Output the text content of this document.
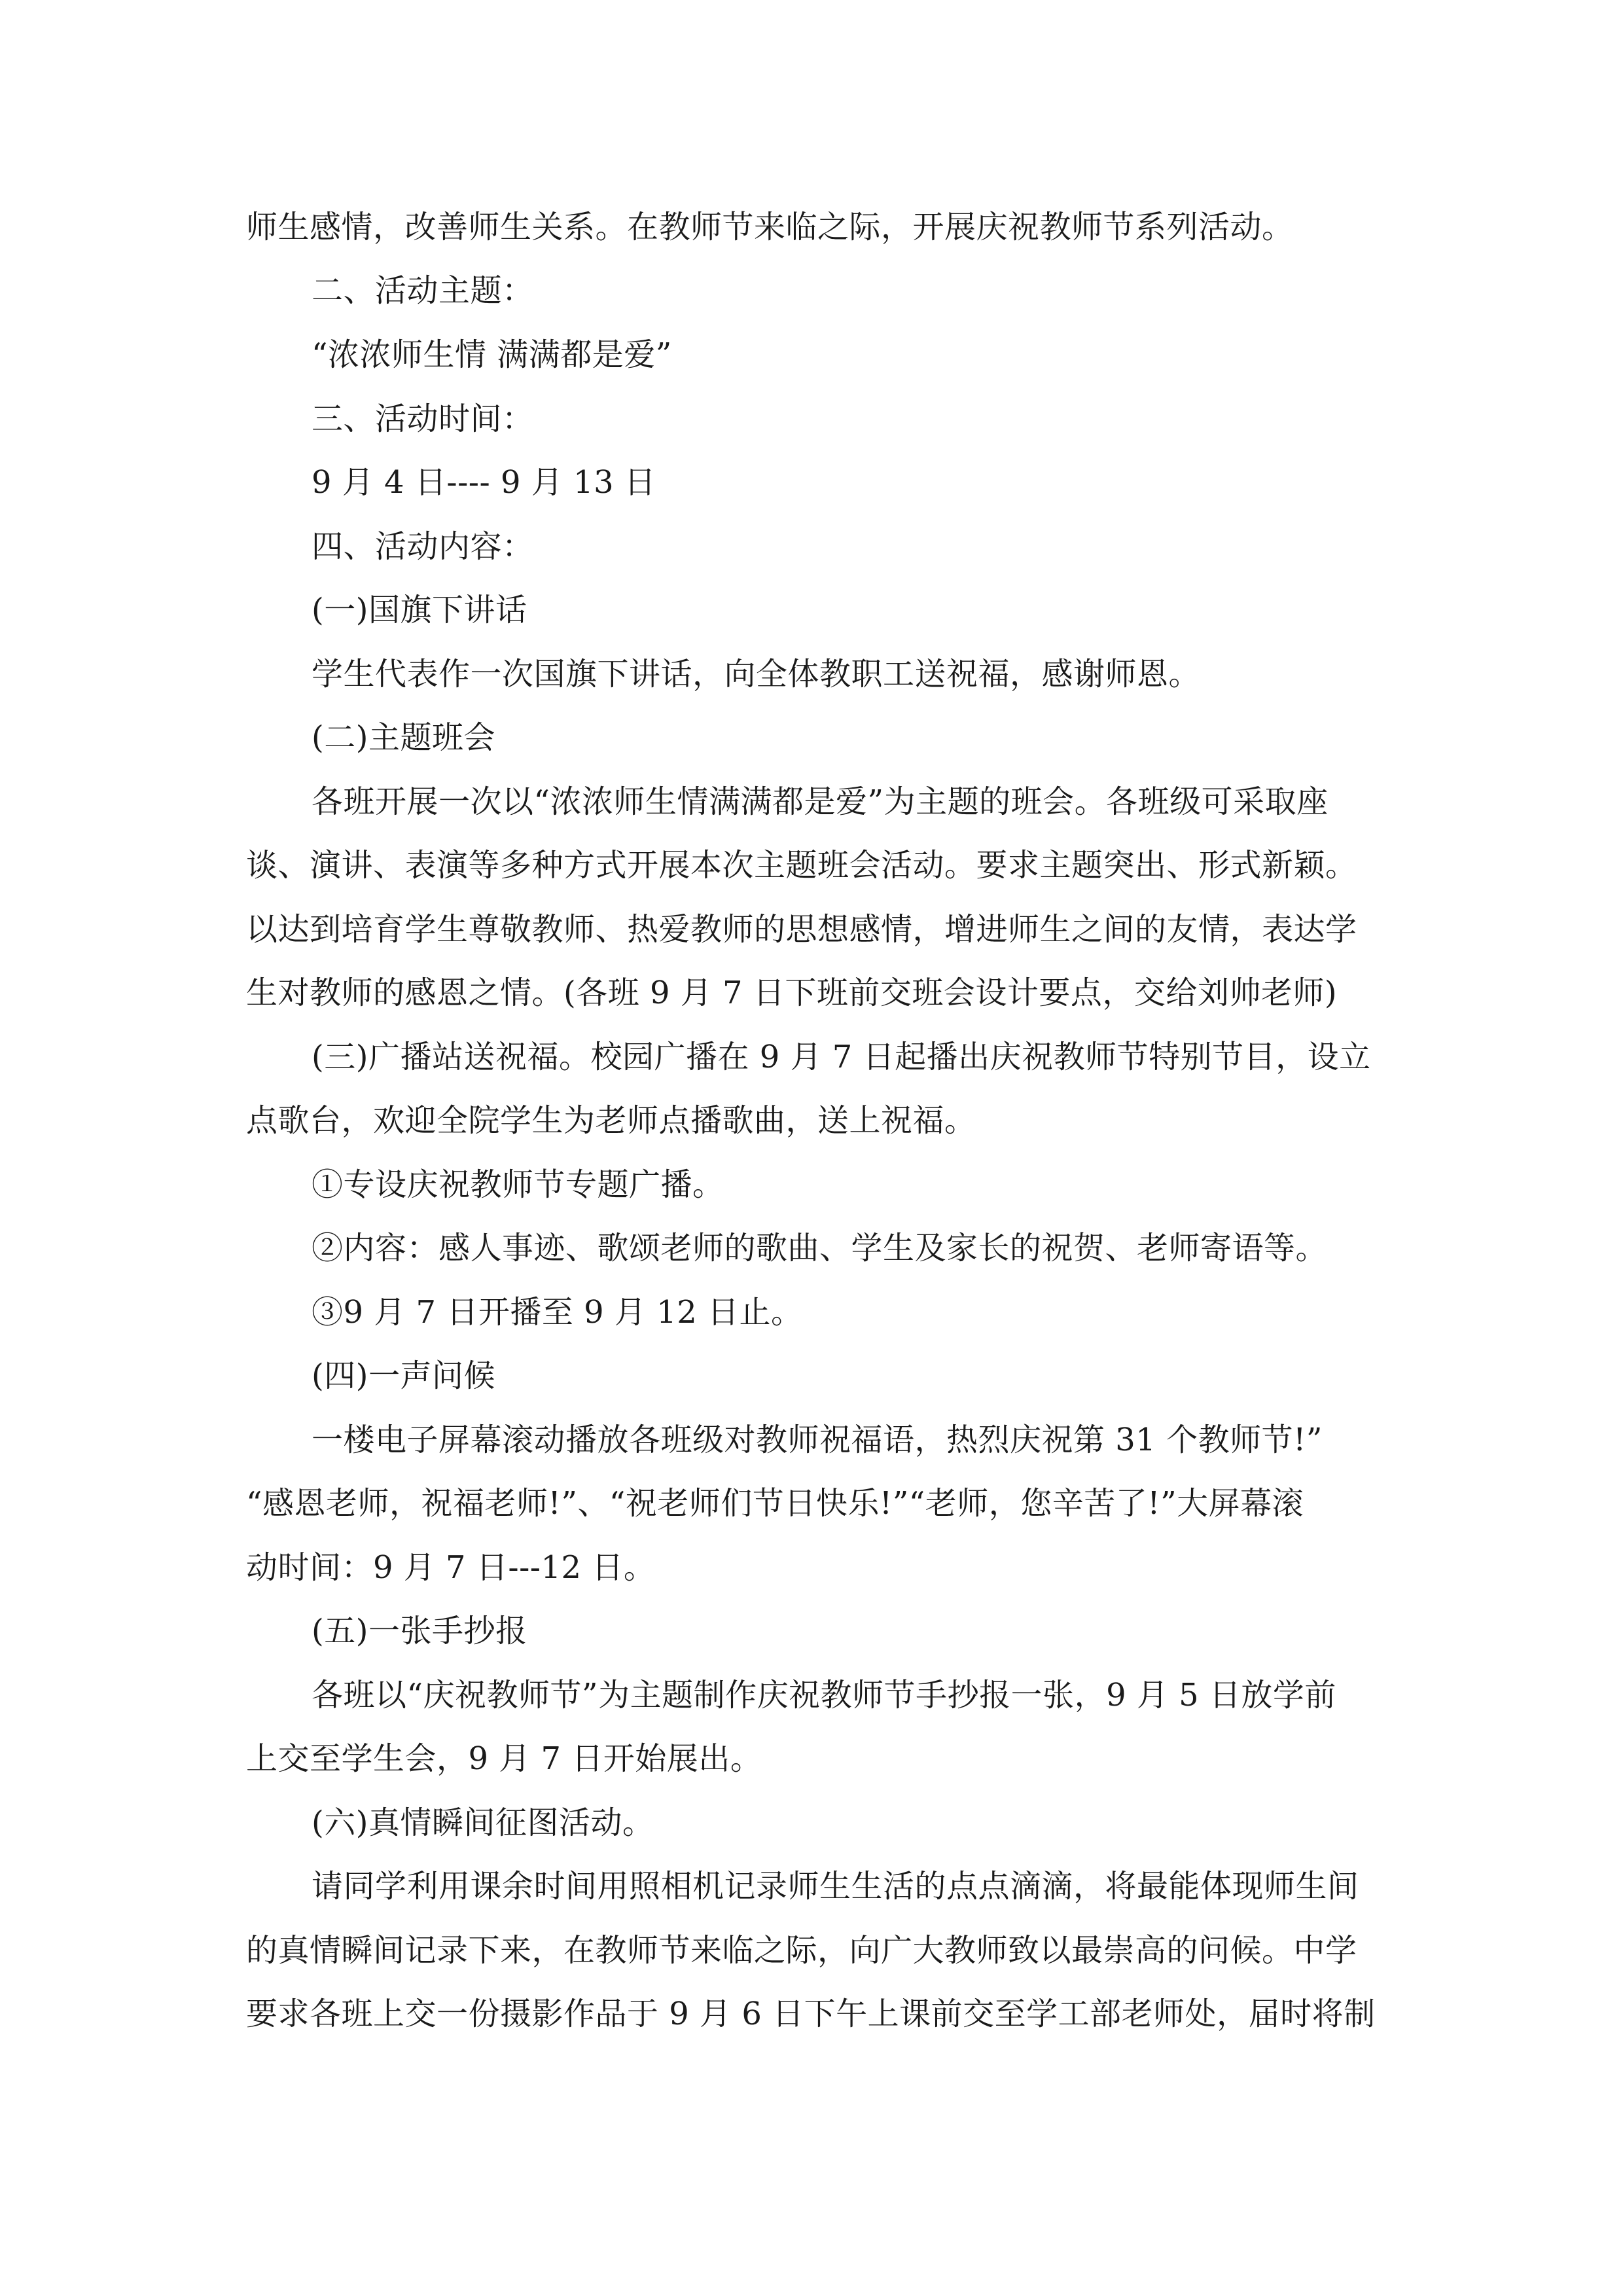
师生感情，改善师生关系。在教师节来临之际，开展庆祝教师节系列活动。
二、活动主题：
“浓浓师生情 满满都是爱”
三、活动时间：
9 月 4 日---- 9 月 13 日
四、活动内容：
(一)国旗下讲话
学生代表作一次国旗下讲话，向全体教职工送祝福，感谢师恩。
(二)主题班会
各班开展一次以“浓浓师生情满满都是爱”为主题的班会。各班级可采取座
谈、演讲、表演等多种方式开展本次主题班会活动。要求主题突出、形式新颖。
以达到培育学生尊敬教师、热爱教师的思想感情，增进师生之间的友情，表达学
生对教师的感恩之情。(各班 9 月 7 日下班前交班会设计要点，交给刘帅老师)
(三)广播站送祝福。校园广播在 9 月 7 日起播出庆祝教师节特别节目，设立
点歌台，欢迎全院学生为老师点播歌曲，送上祝福。
①专设庆祝教师节专题广播。
②内容：感人事迹、歌颂老师的歌曲、学生及家长的祝贺、老师寄语等。
③9 月 7 日开播至 9 月 12 日止。
(四)一声问候
一楼电子屏幕滚动播放各班级对教师祝福语，热烈庆祝第 31 个教师节!”
“感恩老师，祝福老师!”、“祝老师们节日快乐!”“老师，您辛苦了!”大屏幕滚
动时间：9 月 7 日---12 日。
(五)一张手抄报
各班以“庆祝教师节”为主题制作庆祝教师节手抄报一张，9 月 5 日放学前
上交至学生会，9 月 7 日开始展出。
(六)真情瞬间征图活动。
请同学利用课余时间用照相机记录师生生活的点点滴滴，将最能体现师生间
的真情瞬间记录下来，在教师节来临之际，向广大教师致以最崇高的问候。中学
要求各班上交一份摄影作品于 9 月 6 日下午上课前交至学工部老师处，届时将制
